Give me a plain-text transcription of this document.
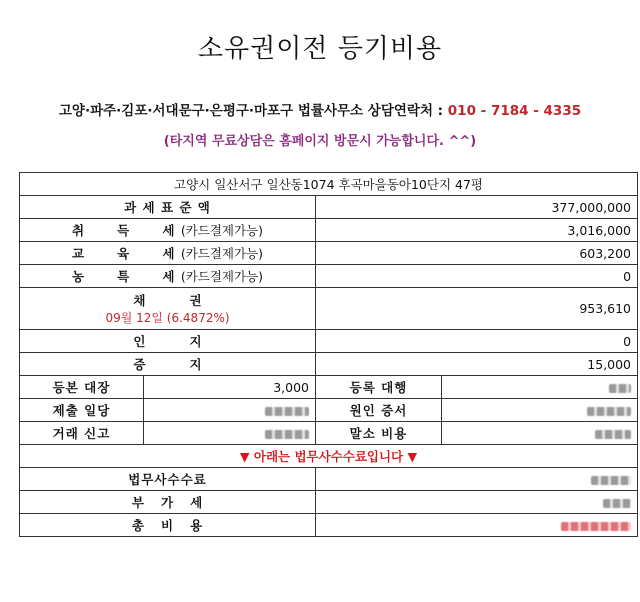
소유권이전 등기비용
고양·파주·김포·서대문구·은평구·마포구 법률사무소 상담연락처 : 010 - 7184 - 4335
(타지역 무료상담은 홈페이지 방문시 가능합니다. ^^)
고양시 일산서구 일산동1074 후곡마을동아10단지 47평			
과 세 표 준 액		377,000,000	
취 득 세 (카드결제가능)		3,016,000	
교 육 세 (카드결제가능)		603,200	
농 특 세 (카드결제가능)		0	

채 권
09월 12일 (6.4872%)		953,610	
인 지		0	
증 지		15,000	
등본 대장	3,000	등록 대행	
제출 일당		원인 증서	
거래 신고		말소 비용	
▼ 아래는 법무사수수료입니다 ▼			
법무사수수료			
부   가   세			
총   비   용			
